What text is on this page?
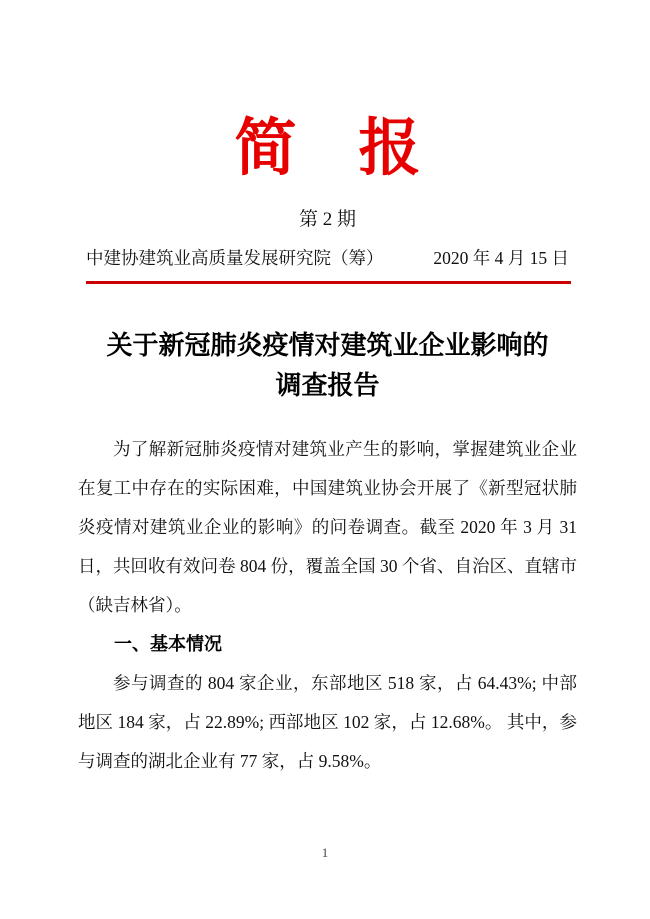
简　报
第 2 期
中建协建筑业高质量发展研究院（筹）	2020 年 4 月 15 日
关于新冠肺炎疫情对建筑业企业影响的
调查报告

为了解新冠肺炎疫情对建筑业产生的影响，掌握建筑业企业在复工中存在的实际困难，中国建筑业协会开展了《新型冠状肺炎疫情对建筑业企业的影响》的问卷调查。截至 2020 年 3 月 31 日，共回收有效问卷 804 份，覆盖全国 30 个省、自治区、直辖市（缺吉林省）。

一、基本情况

参与调查的 804 家企业，东部地区 518 家，占 64.43%; 中部地区 184 家，占 22.89%; 西部地区 102 家，占 12.68%。 其中，参与调查的湖北企业有 77 家，占 9.58%。

1
